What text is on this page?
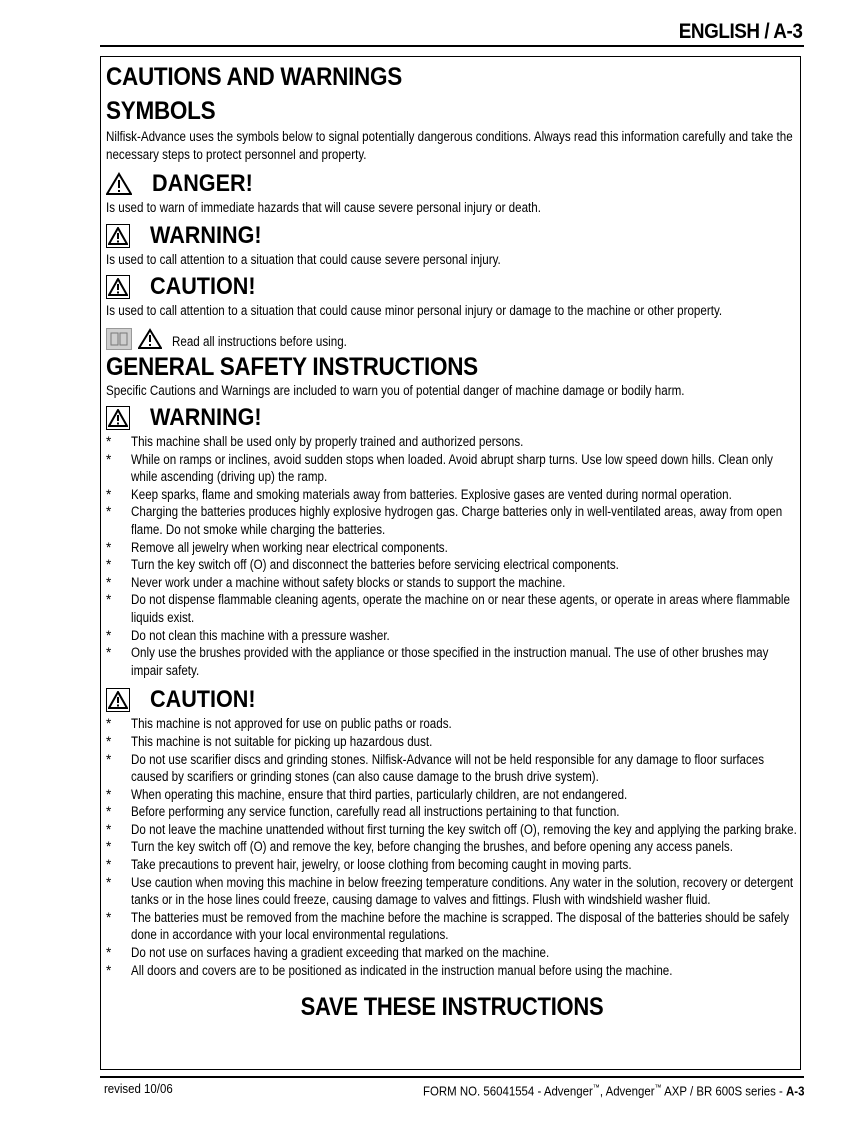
ENGLISH / A-3
CAUTIONS AND WARNINGS
SYMBOLS

Nilfisk-Advance uses the symbols below to signal potentially dangerous conditions. Always read this information carefully and take the necessary steps to protect personnel and property.

DANGER!

Is used to warn of immediate hazards that will cause severe personal injury or death.

WARNING!

Is used to call attention to a situation that could cause severe personal injury.

CAUTION!

Is used to call attention to a situation that could cause minor personal injury or damage to the machine or other property.

Read all instructions before using.
GENERAL SAFETY INSTRUCTIONS

Specific Cautions and Warnings are included to warn you of potential danger of machine damage or bodily harm.

WARNING!
* This machine shall be used only by properly trained and authorized persons.
* While on ramps or inclines, avoid sudden stops when loaded. Avoid abrupt sharp turns. Use low speed down hills. Clean only while ascending (driving up) the ramp.
* Keep sparks, flame and smoking materials away from batteries. Explosive gases are vented during normal operation.
* Charging the batteries produces highly explosive hydrogen gas. Charge batteries only in well-ventilated areas, away from open flame. Do not smoke while charging the batteries.
* Remove all jewelry when working near electrical components.
* Turn the key switch off (O) and disconnect the batteries before servicing electrical components.
* Never work under a machine without safety blocks or stands to support the machine.
* Do not dispense flammable cleaning agents, operate the machine on or near these agents, or operate in areas where flammable liquids exist.
* Do not clean this machine with a pressure washer.
* Only use the brushes provided with the appliance or those specified in the instruction manual. The use of other brushes may impair safety.
CAUTION!
* This machine is not approved for use on public paths or roads.
* This machine is not suitable for picking up hazardous dust.
* Do not use scarifier discs and grinding stones. Nilfisk-Advance will not be held responsible for any damage to floor surfaces caused by scarifiers or grinding stones (can also cause damage to the brush drive system).
* When operating this machine, ensure that third parties, particularly children, are not endangered.
* Before performing any service function, carefully read all instructions pertaining to that function.
* Do not leave the machine unattended without first turning the key switch off (O), removing the key and applying the parking brake.
* Turn the key switch off (O) and remove the key, before changing the brushes, and before opening any access panels.
* Take precautions to prevent hair, jewelry, or loose clothing from becoming caught in moving parts.
* Use caution when moving this machine in below freezing temperature conditions. Any water in the solution, recovery or detergent tanks or in the hose lines could freeze, causing damage to valves and fittings. Flush with windshield washer fluid.
* The batteries must be removed from the machine before the machine is scrapped. The disposal of the batteries should be safely done in accordance with your local environmental regulations.
* Do not use on surfaces having a gradient exceeding that marked on the machine.
* All doors and covers are to be positioned as indicated in the instruction manual before using the machine.
SAVE THESE INSTRUCTIONS
revised 10/06	FORM NO. 56041554 - Advenger™, Advenger™ AXP / BR 600S series - A-3
